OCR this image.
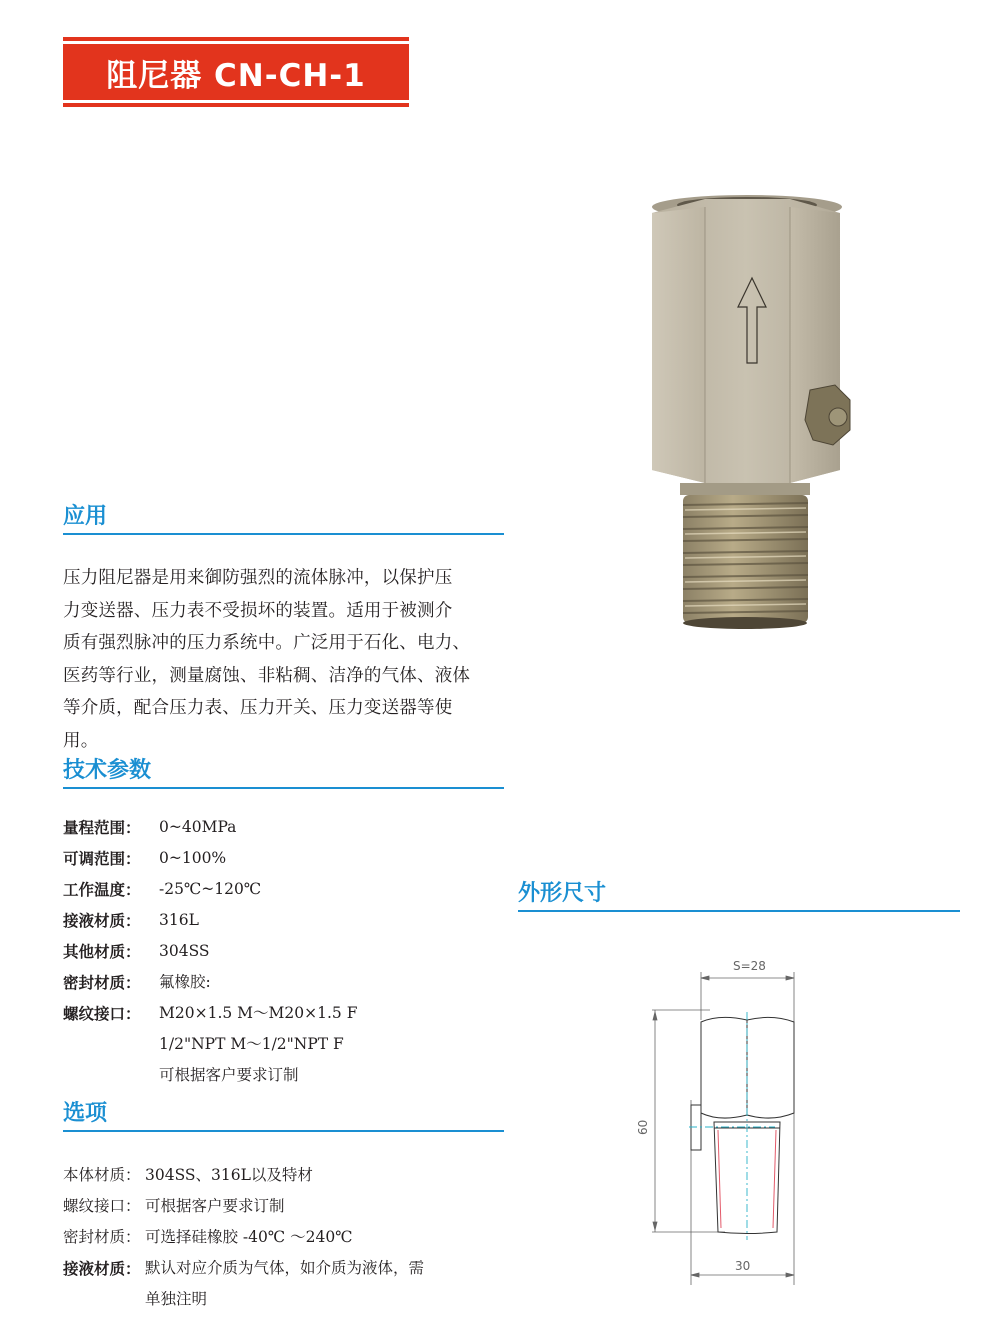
阻尼器 CN-CH-1
应用
压力阻尼器是用来御防强烈的流体脉冲，以保护压
力变送器、压力表不受损坏的装置。适用于被测介
质有强烈脉冲的压力系统中。广泛用于石化、电力、
医药等行业，测量腐蚀、非粘稠、洁净的气体、液体
等介质，配合压力表、压力开关、压力变送器等使
用。
技术参数
量程范围：	0~40MPa
可调范围：	0~100%
工作温度：	-25℃~120℃
接液材质：	316L
其他材质：	304SS
密封材质：	氟橡胶:
螺纹接口：	M20×1.5 M～M20×1.5 F
1/2"NPT M～1/2"NPT F
可根据客户要求订制
选项
本体材质： 304SS、316L以及特材
螺纹接口： 可根据客户要求订制
密封材质： 可选择硅橡胶 -40℃ ～240℃
接液材质： 默认对应介质为气体，如介质为液体，需
单独注明
外形尺寸
S=28
30
60
